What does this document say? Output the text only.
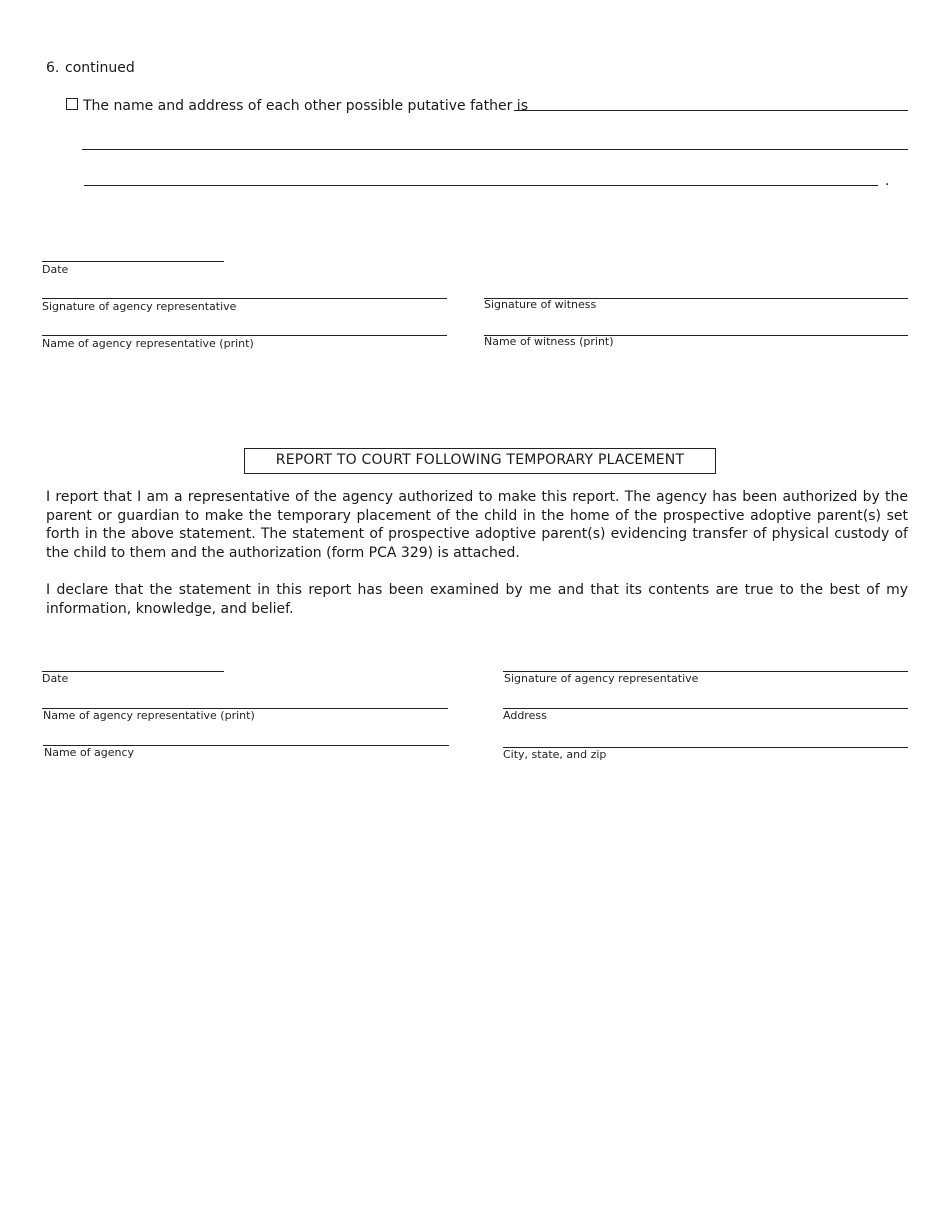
6. continued
The name and address of each other possible putative father is
.
Date
Signature of agency representative	Signature of witness
Name of agency representative (print)	Name of witness (print)
REPORT TO COURT FOLLOWING TEMPORARY PLACEMENT
I report that I am a representative of the agency authorized to make this report. The agency has been authorized by the parent or guardian to make the temporary placement of the child in the home of the prospective adoptive parent(s) set forth in the above statement. The statement of prospective adoptive parent(s) evidencing transfer of physical custody of the child to them and the authorization (form PCA 329) is attached.
I declare that the statement in this report has been examined by me and that its contents are true to the best of my information, knowledge, and belief.
Date	Signature of agency representative
Name of agency representative (print)	Address
Name of agency	City, state, and zip
